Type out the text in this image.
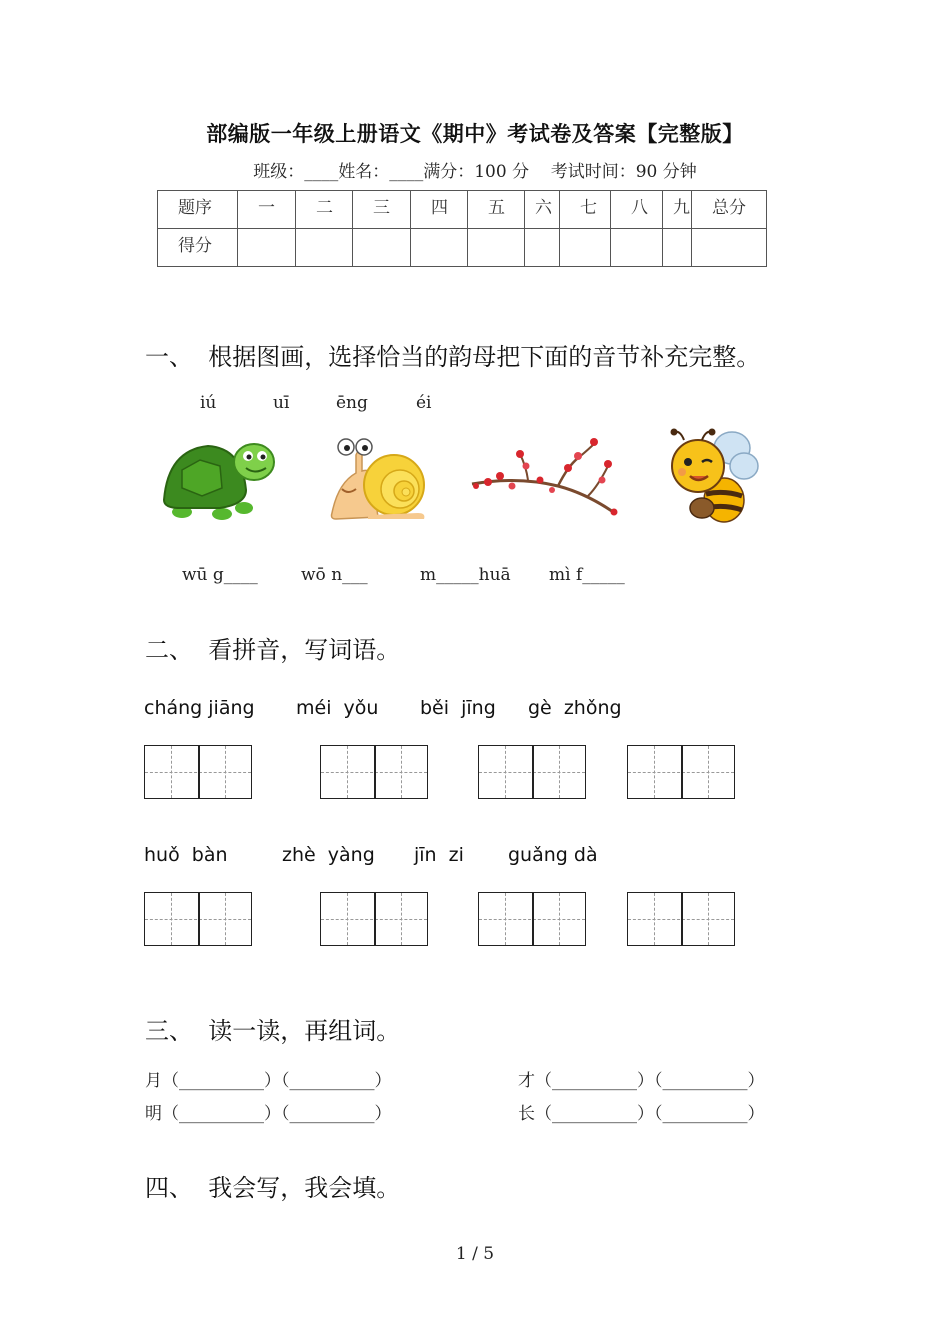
部编版一年级上册语文《期中》考试卷及答案【完整版】
班级：____姓名：____满分：100 分    考试时间：90 分钟
题序	一	二	三	四	五	六	七	八	九	总分
得分										
一、  根据图画，选择恰当的韵母把下面的音节补充完整。
iú	uī	ēng	éi
wū g____	wō n___	m_____huā mì f_____
二、  看拼音，写词语。
cháng jiāng méi  yǒu běi  jīng gè  zhǒng
huǒ  bàn	zhè  yàng jīn  zi guǎng dà
三、  读一读，再组词。
月（__________）（__________）	才（__________）（__________）
明（__________）（__________）	长（__________）（__________）
四、  我会写，我会填。
1 / 5
